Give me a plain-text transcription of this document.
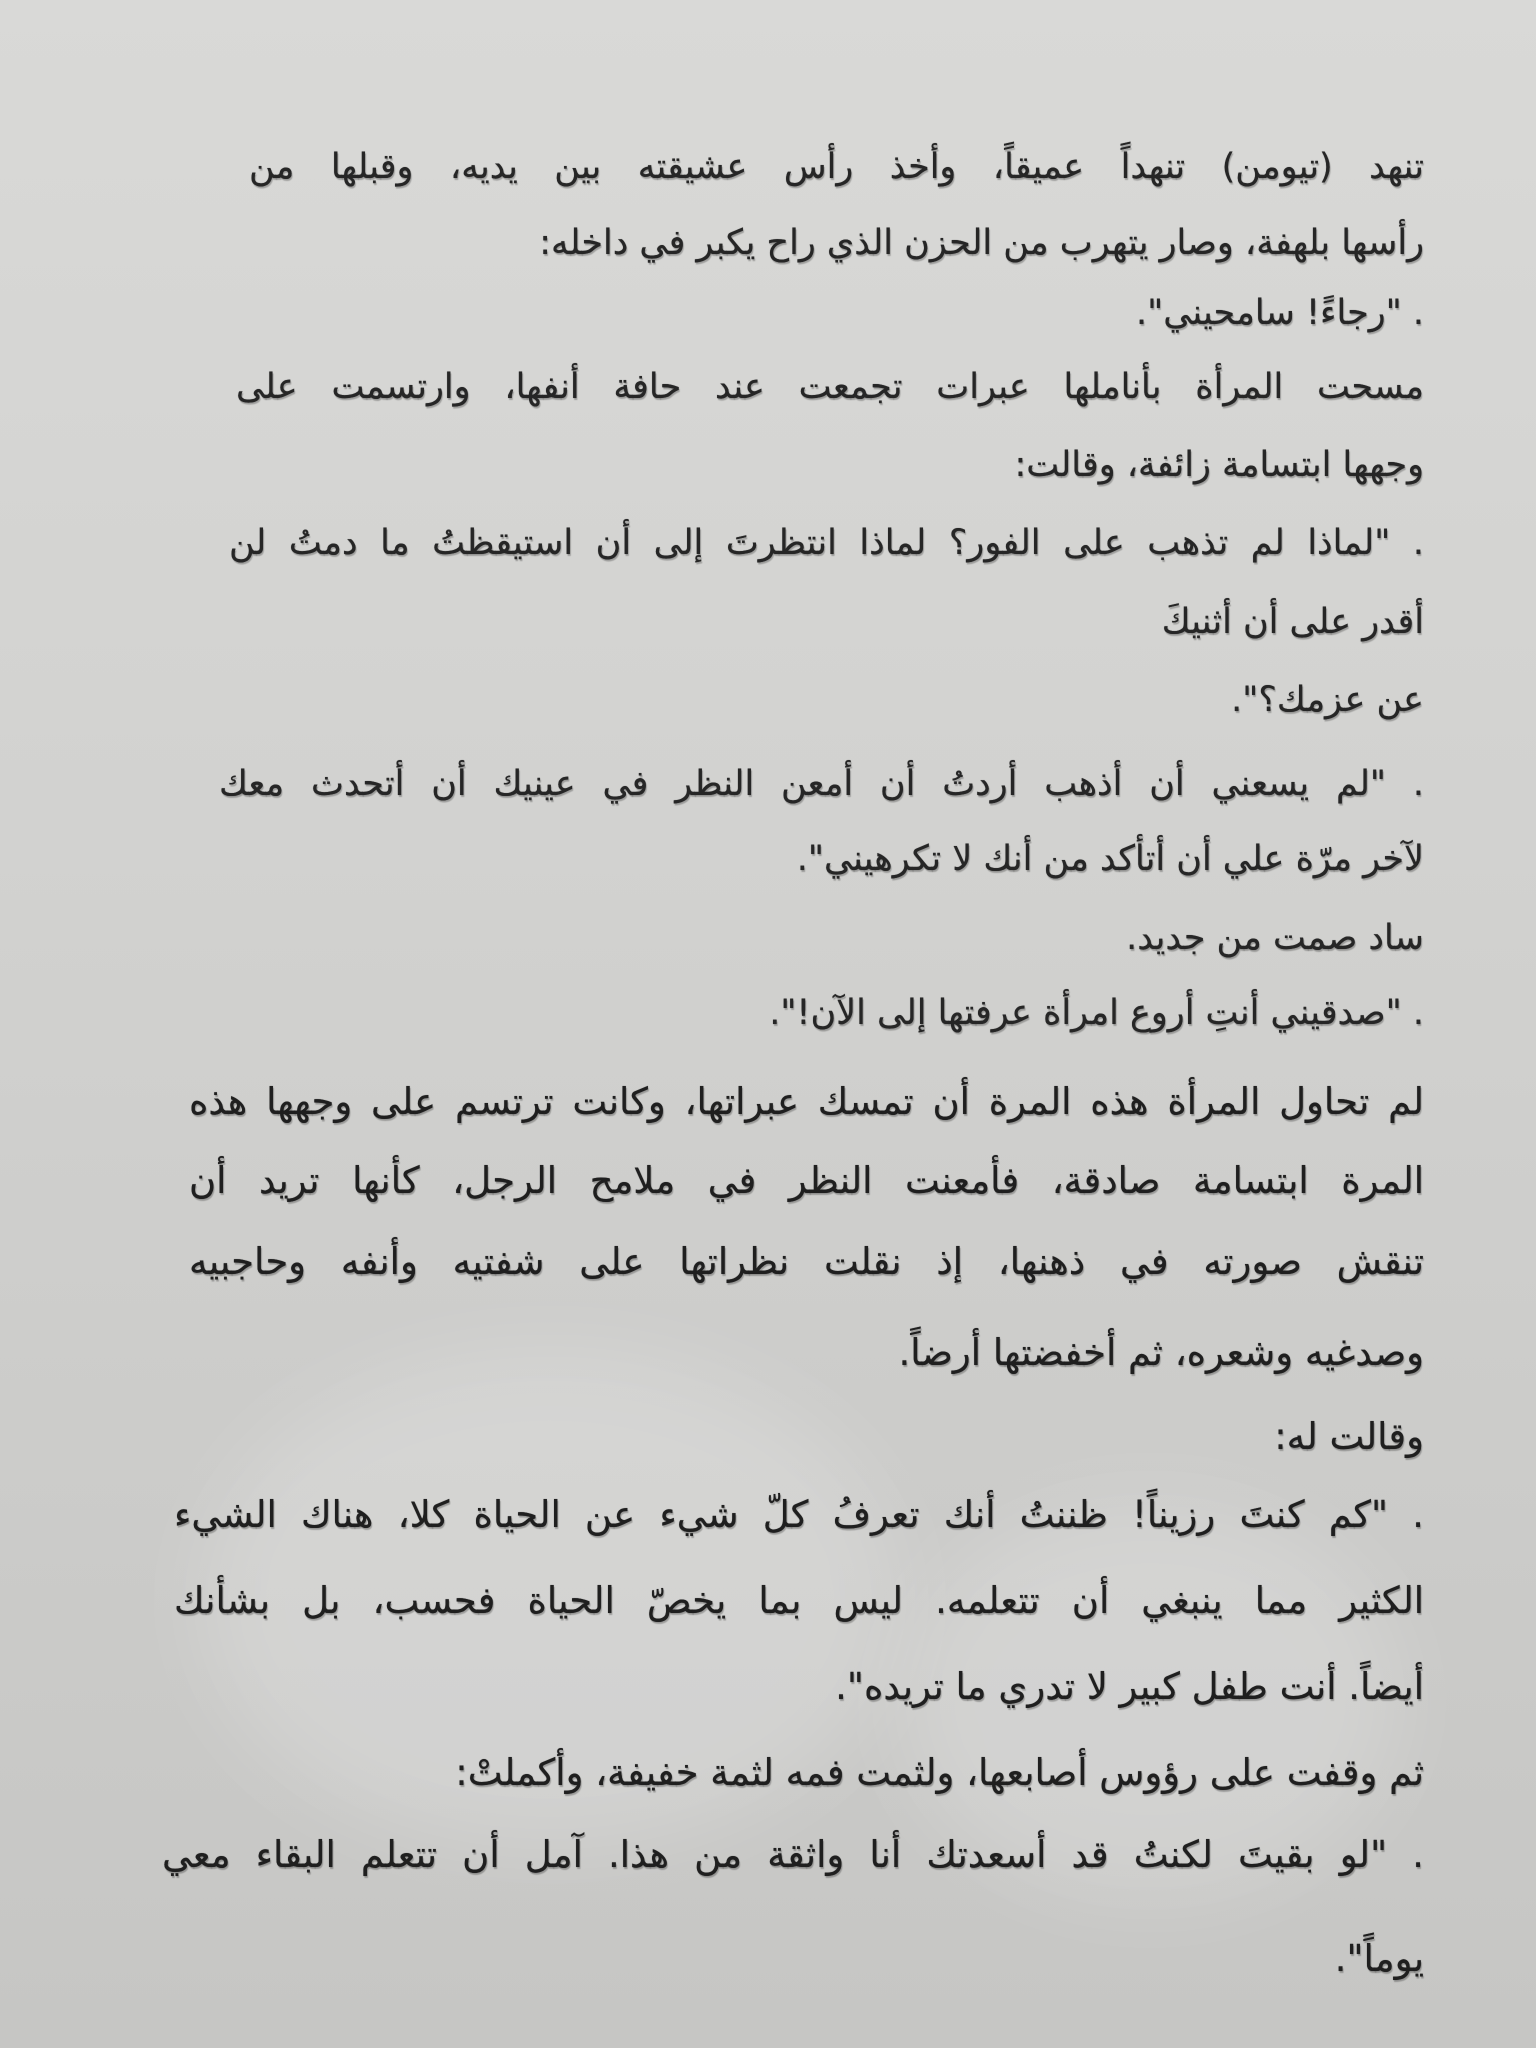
تنهد (تيومن) تنهداً عميقاً، وأخذ رأس عشيقته بين يديه، وقبلها من
رأسها بلهفة، وصار يتهرب من الحزن الذي راح يكبر في داخله:
. "رجاءً! سامحيني".
مسحت المرأة بأناملها عبرات تجمعت عند حافة أنفها، وارتسمت على
وجهها ابتسامة زائفة، وقالت:
. "لماذا لم تذهب على الفور؟ لماذا انتظرتَ إلى أن استيقظتُ ما دمتُ لن
أقدر على أن أثنيكَ
عن عزمك؟".
. "لم يسعني أن أذهب أردتُ أن أمعن النظر في عينيك أن أتحدث معك
لآخر مرّة علي أن أتأكد من أنك لا تكرهيني".
ساد صمت من جديد.
. "صدقيني أنتِ أروع امرأة عرفتها إلى الآن!".
لم تحاول المرأة هذه المرة أن تمسك عبراتها، وكانت ترتسم على وجهها هذه
المرة ابتسامة صادقة، فأمعنت النظر في ملامح الرجل، كأنها تريد أن
تنقش صورته في ذهنها، إذ نقلت نظراتها على شفتيه وأنفه وحاجبيه
وصدغيه وشعره، ثم أخفضتها أرضاً.
وقالت له:
. "كم كنتَ رزيناً! ظننتُ أنك تعرفُ كلّ شيء عن الحياة كلا، هناك الشيء
الكثير مما ينبغي أن تتعلمه. ليس بما يخصّ الحياة فحسب، بل بشأنك
أيضاً. أنت طفل كبير لا تدري ما تريده".
ثم وقفت على رؤوس أصابعها، ولثمت فمه لثمة خفيفة، وأكملتْ:
. "لو بقيتَ لكنتُ قد أسعدتك أنا واثقة من هذا. آمل أن تتعلم البقاء معي
يوماً".
